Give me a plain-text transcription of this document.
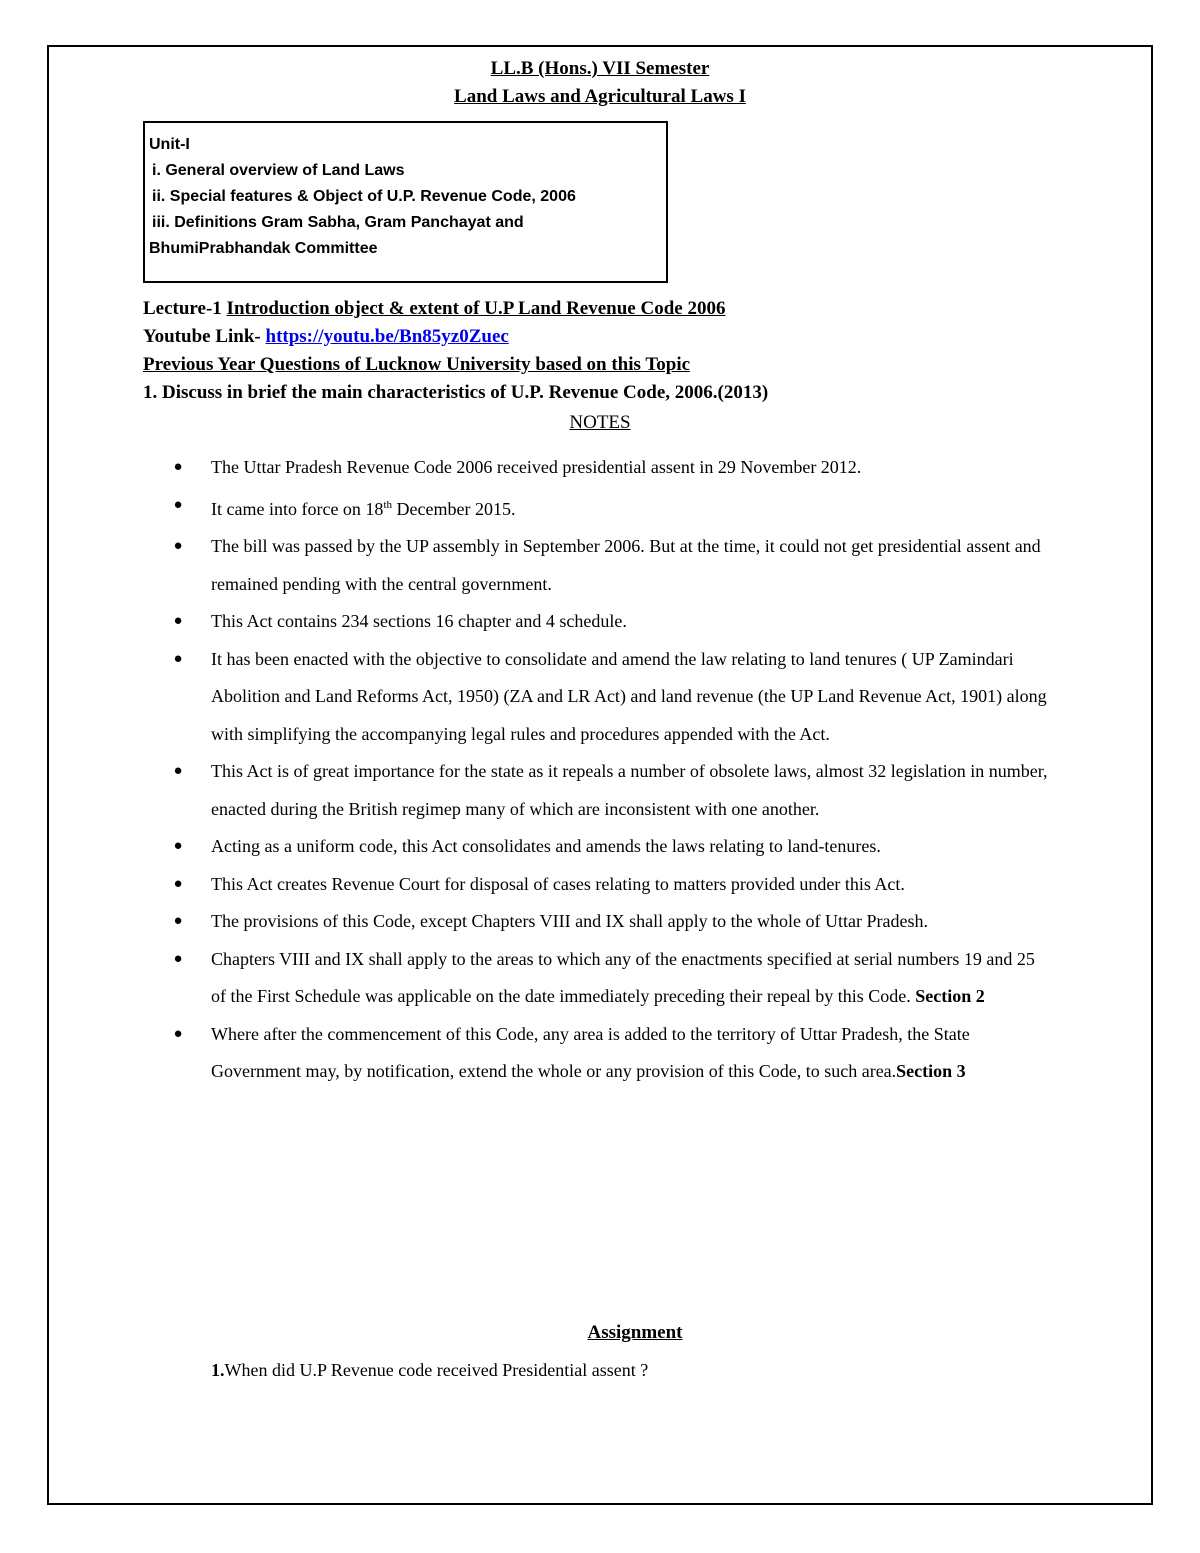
LL.B (Hons.) VII Semester
Land Laws and Agricultural Laws I
Unit-I
i. General overview of Land Laws
ii. Special features & Object of U.P. Revenue Code, 2006
iii. Definitions Gram Sabha, Gram Panchayat and
BhumiPrabhandak Committee
Lecture-1 Introduction object & extent of U.P Land Revenue Code 2006
Youtube Link- https://youtu.be/Bn85yz0Zuec
Previous Year Questions of Lucknow University based on this Topic
1. Discuss in brief the main characteristics of U.P. Revenue Code, 2006.(2013)
NOTES
● The Uttar Pradesh Revenue Code 2006 received presidential assent in 29 November 2012.
● It came into force on 18th December 2015.
● The bill was passed by the UP assembly in September 2006. But at the time, it could not get presidential assent and remained pending with the central government.
● This Act contains 234 sections 16 chapter and 4 schedule.
● It has been enacted with the objective to consolidate and amend the law relating to land tenures ( UP Zamindari Abolition and Land Reforms Act, 1950) (ZA and LR Act) and land revenue (the UP Land Revenue Act, 1901) along with simplifying the accompanying legal rules and procedures appended with the Act.
● This Act is of great importance for the state as it repeals a number of obsolete laws, almost 32 legislation in number, enacted during the British regimep many of which are inconsistent with one another.
● Acting as a uniform code, this Act consolidates and amends the laws relating to land-tenures.
● This Act creates Revenue Court for disposal of cases relating to matters provided under this Act.
● The provisions of this Code, except Chapters VIII and IX shall apply to the whole of Uttar Pradesh.
● Chapters VIII and IX shall apply to the areas to which any of the enactments specified at serial numbers 19 and 25 of the First Schedule was applicable on the date immediately preceding their repeal by this Code. Section 2
● Where after the commencement of this Code, any area is added to the territory of Uttar Pradesh, the State Government may, by notification, extend the whole or any provision of this Code, to such area.Section 3
Assignment
1.When did U.P Revenue code received Presidential assent ?
